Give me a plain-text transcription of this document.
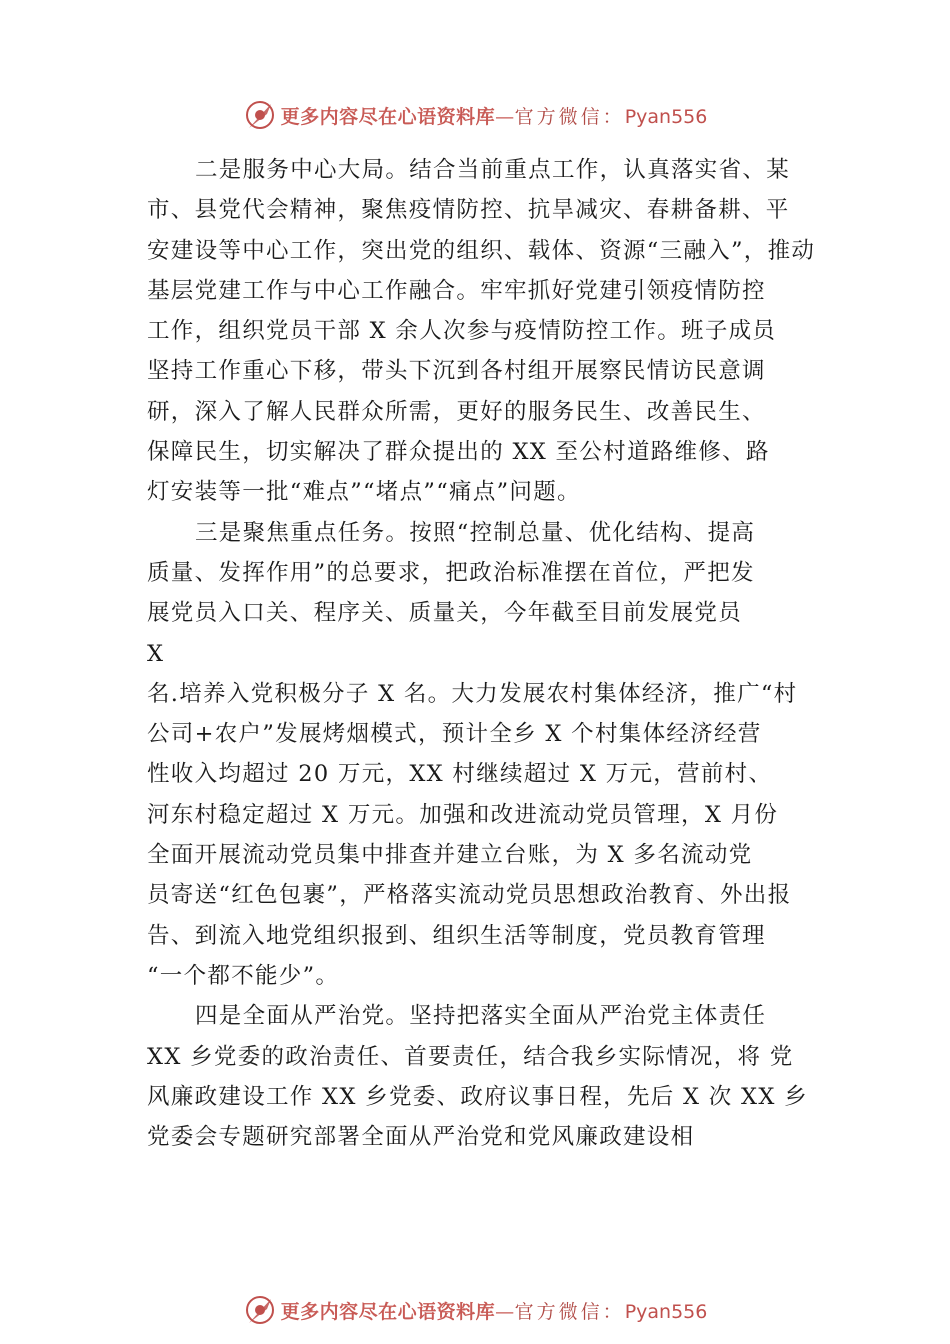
更多内容尽在心语资料库—官方微信：Pyan556
二是服务中心大局。结合当前重点工作，认真落实省、某
市、县党代会精神，聚焦疫情防控、抗旱减灾、春耕备耕、平
安建设等中心工作，突出党的组织、载体、资源“三融入”，推动
基层党建工作与中心工作融合。牢牢抓好党建引领疫情防控
工作，组织党员干部 X 余人次参与疫情防控工作。班子成员
坚持工作重心下移，带头下沉到各村组开展察民情访民意调
研，深入了解人民群众所需，更好的服务民生、改善民生、
保障民生，切实解决了群众提出的 XX 至公村道路维修、路
灯安装等一批“难点”“堵点”“痛点”问题。
三是聚焦重点任务。按照“控制总量、优化结构、提高
质量、发挥作用”的总要求，把政治标准摆在首位，严把发
展党员入口关、程序关、质量关，今年截至目前发展党员
X
名.培养入党积极分子 X 名。大力发展农村集体经济，推广“村
公司+农户”发展烤烟模式，预计全乡 X 个村集体经济经营
性收入均超过 20 万元，XX 村继续超过 X 万元，营前村、
河东村稳定超过 X 万元。加强和改进流动党员管理，X 月份
全面开展流动党员集中排查并建立台账，为 X 多名流动党
员寄送“红色包裹”，严格落实流动党员思想政治教育、外出报
告、到流入地党组织报到、组织生活等制度，党员教育管理
“一个都不能少”。
四是全面从严治党。坚持把落实全面从严治党主体责任
XX 乡党委的政治责任、首要责任，结合我乡实际情况，将 党
风廉政建设工作 XX 乡党委、政府议事日程，先后 X 次 XX 乡
党委会专题研究部署全面从严治党和党风廉政建设相
更多内容尽在心语资料库—官方微信：Pyan556
